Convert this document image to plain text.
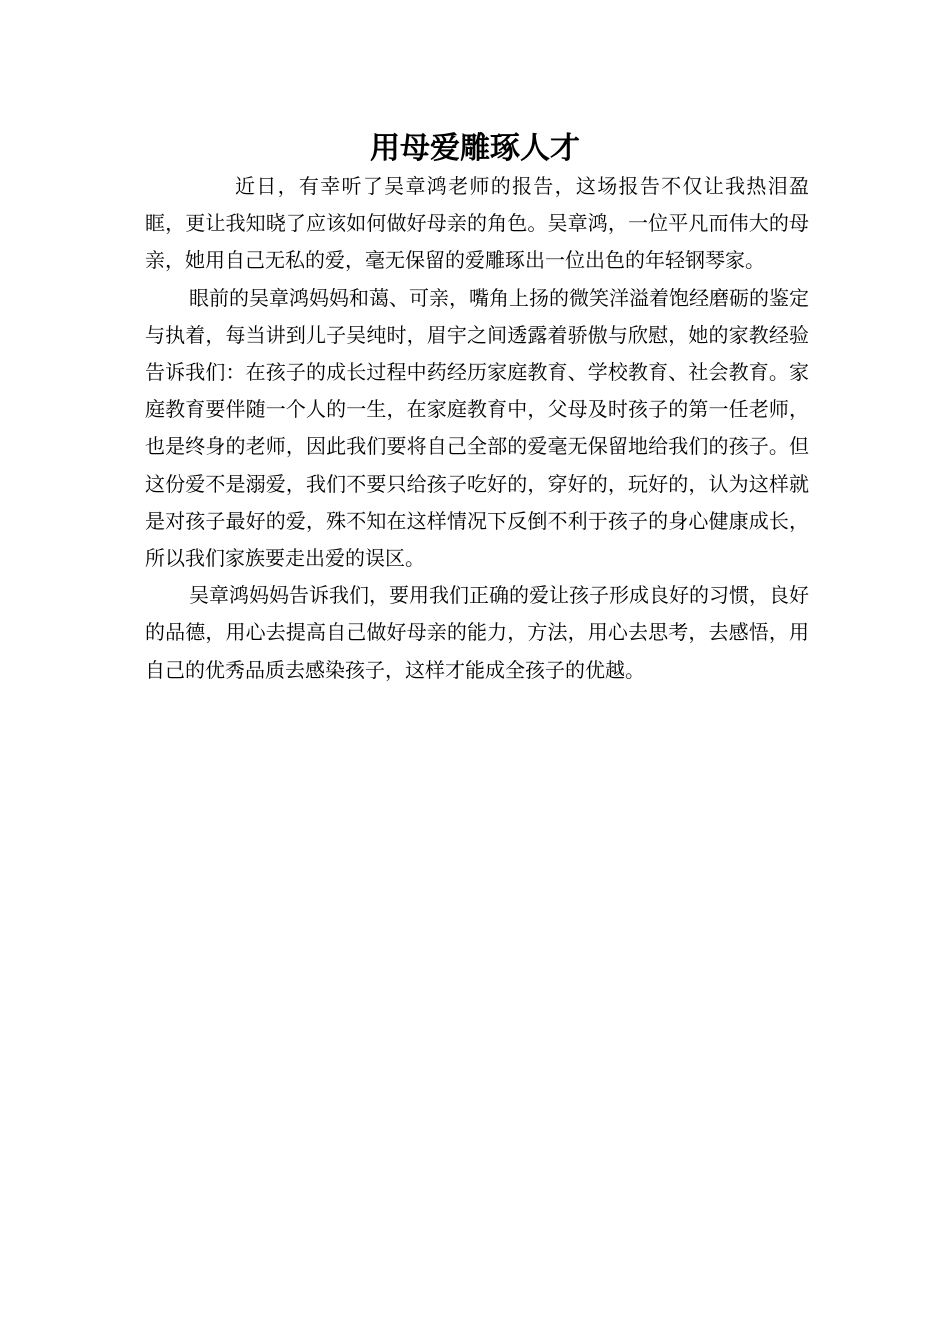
用母爱雕琢人才

近日，有幸听了吴章鸿老师的报告，这场报告不仅让我热泪盈眶，更让我知晓了应该如何做好母亲的角色。吴章鸿，一位平凡而伟大的母亲，她用自己无私的爱，毫无保留的爱雕琢出一位出色的年轻钢琴家。

眼前的吴章鸿妈妈和蔼、可亲，嘴角上扬的微笑洋溢着饱经磨砺的鉴定与执着，每当讲到儿子吴纯时，眉宇之间透露着骄傲与欣慰，她的家教经验告诉我们：在孩子的成长过程中药经历家庭教育、学校教育、社会教育。家庭教育要伴随一个人的一生，在家庭教育中，父母及时孩子的第一任老师，也是终身的老师，因此我们要将自己全部的爱毫无保留地给我们的孩子。但这份爱不是溺爱，我们不要只给孩子吃好的，穿好的，玩好的，认为这样就是对孩子最好的爱，殊不知在这样情况下反倒不利于孩子的身心健康成长，所以我们家族要走出爱的误区。

吴章鸿妈妈告诉我们，要用我们正确的爱让孩子形成良好的习惯，良好的品德，用心去提高自己做好母亲的能力，方法，用心去思考，去感悟，用自己的优秀品质去感染孩子，这样才能成全孩子的优越。
